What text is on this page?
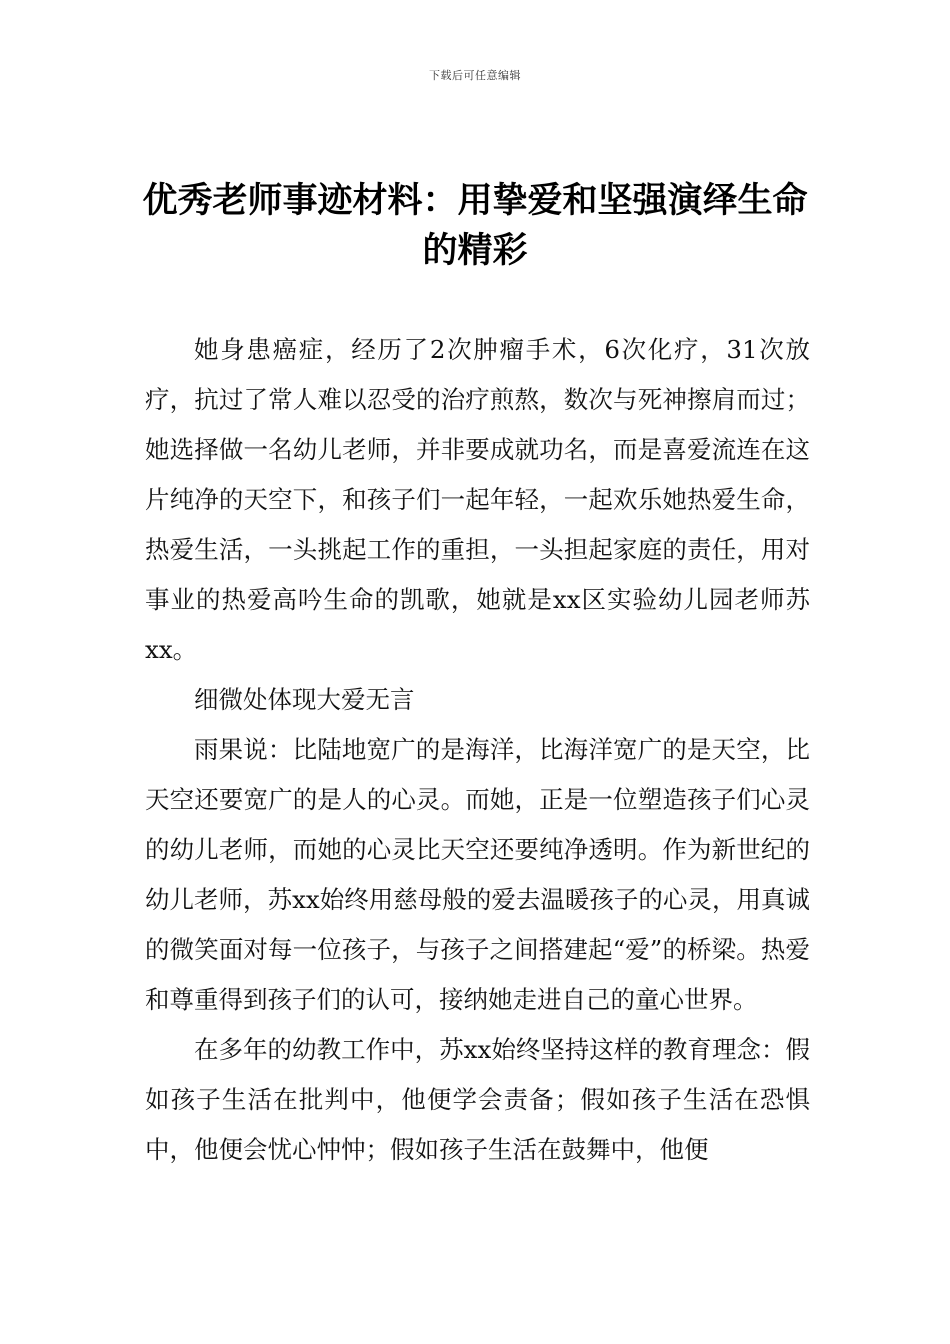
下载后可任意编辑
优秀老师事迹材料：用挚爱和坚强演绎生命的精彩

她身患癌症，经历了2次肿瘤手术，6次化疗，31次放疗，抗过了常人难以忍受的治疗煎熬，数次与死神擦肩而过；她选择做一名幼儿老师，并非要成就功名，而是喜爱流连在这片纯净的天空下，和孩子们一起年轻，一起欢乐她热爱生命，热爱生活，一头挑起工作的重担，一头担起家庭的责任，用对事业的热爱高吟生命的凯歌，她就是xx区实验幼儿园老师苏xx。

细微处体现大爱无言

雨果说：比陆地宽广的是海洋，比海洋宽广的是天空，比天空还要宽广的是人的心灵。而她，正是一位塑造孩子们心灵的幼儿老师，而她的心灵比天空还要纯净透明。作为新世纪的幼儿老师，苏xx始终用慈母般的爱去温暖孩子的心灵，用真诚的微笑面对每一位孩子，与孩子之间搭建起“爱”的桥梁。热爱和尊重得到孩子们的认可，接纳她走进自己的童心世界。

在多年的幼教工作中，苏xx始终坚持这样的教育理念：假如孩子生活在批判中，他便学会责备；假如孩子生活在恐惧中，他便会忧心忡忡；假如孩子生活在鼓舞中，他便
